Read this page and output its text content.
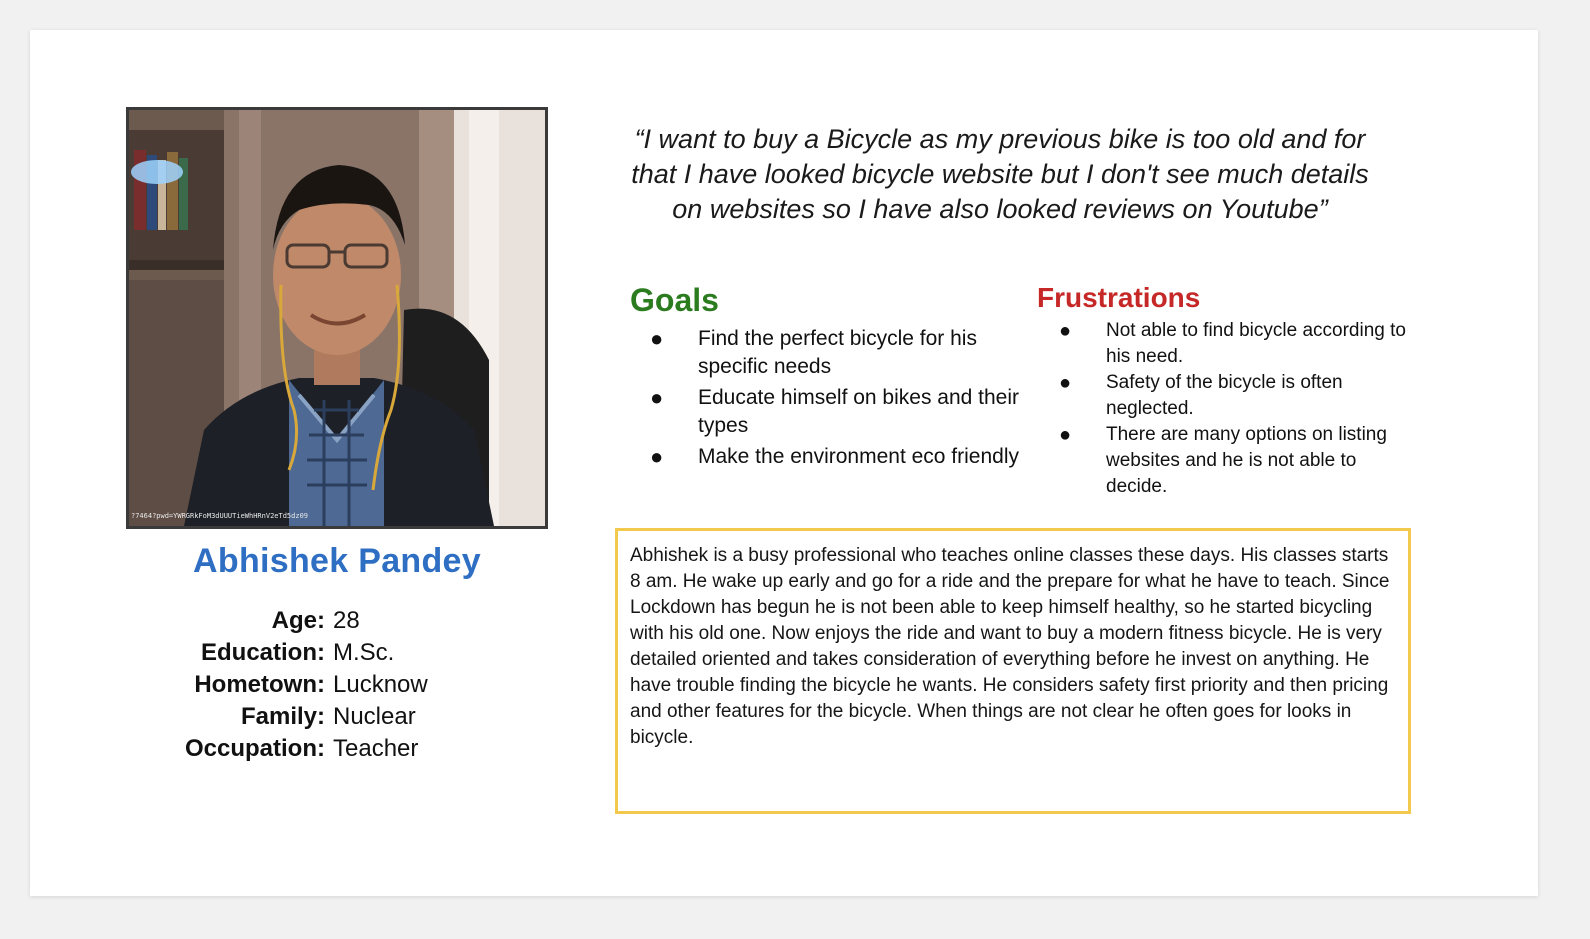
?7464?pwd=YWRGRkFoM3dUUUTieWhHRnV2eTd5dz09
Abhishek Pandey
Age: 28
Education: M.Sc.
Hometown: Lucknow
Family: Nuclear
Occupation: Teacher

“I want to buy a Bicycle as my previous bike is too old and for that I have looked bicycle website but I don't see much details on websites so I have also looked reviews on Youtube”

Goals
● Find the perfect bicycle for his specific needs
● Educate himself on bikes and their types
● Make the environment eco friendly
Frustrations
● Not able to find bicycle according to his need.
● Safety of the bicycle is often neglected.
● There are many options on listing websites and he is not able to decide.

Abhishek is a busy professional who teaches online classes these days. His classes starts 8 am. He wake up early and go for a ride and the prepare for what he have to teach. Since Lockdown has begun he is not been able to keep himself healthy, so he started bicycling with his old one. Now enjoys the ride and want to buy a modern fitness bicycle. He is very detailed oriented and takes consideration of everything before he invest on anything. He have trouble finding the bicycle he wants. He considers safety first priority and then pricing and other features for the bicycle. When things are not clear he often goes for looks in bicycle.
